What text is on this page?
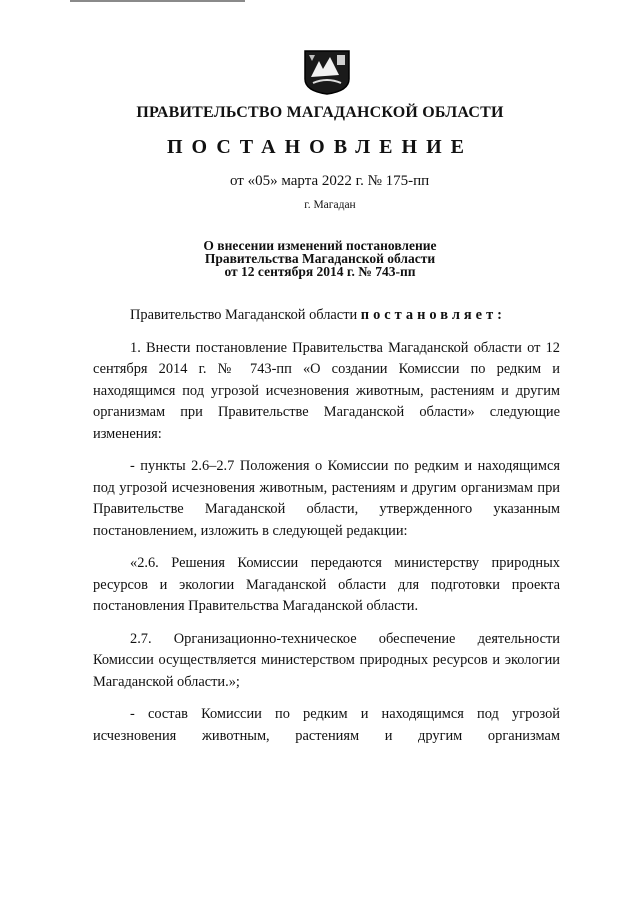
ПРАВИТЕЛЬСТВО МАГАДАНСКОЙ ОБЛАСТИ
ПОСТАНОВЛЕНИЕ
от «05» марта 2022 г. № 175-пп
г. Магадан
О внесении изменений постановление
Правительства Магаданской области
от 12 сентября 2014 г. № 743-пп

Правительство Магаданской области постановляет:

1. Внести постановление Правительства Магаданской области от 12 сентября 2014 г. № 743-пп «О создании Комиссии по редким и находящимся под угрозой исчезновения животным, растениям и другим организмам при Правительстве Магаданской области» следующие изменения:

- пункты 2.6–2.7 Положения о Комиссии по редким и находящимся под угрозой исчезновения животным, растениям и другим организмам при Правительстве Магаданской области, утвержденного указанным постановлением, изложить в следующей редакции:

«2.6. Решения Комиссии передаются министерству природных ресурсов и экологии Магаданской области для подготовки проекта постановления Правительства Магаданской области.

2.7. Организационно-техническое обеспечение деятельности Комиссии осуществляется министерством природных ресурсов и экологии Магаданской области.»;

- состав Комиссии по редким и находящимся под угрозой исчезновения животным, растениям и другим организмам
